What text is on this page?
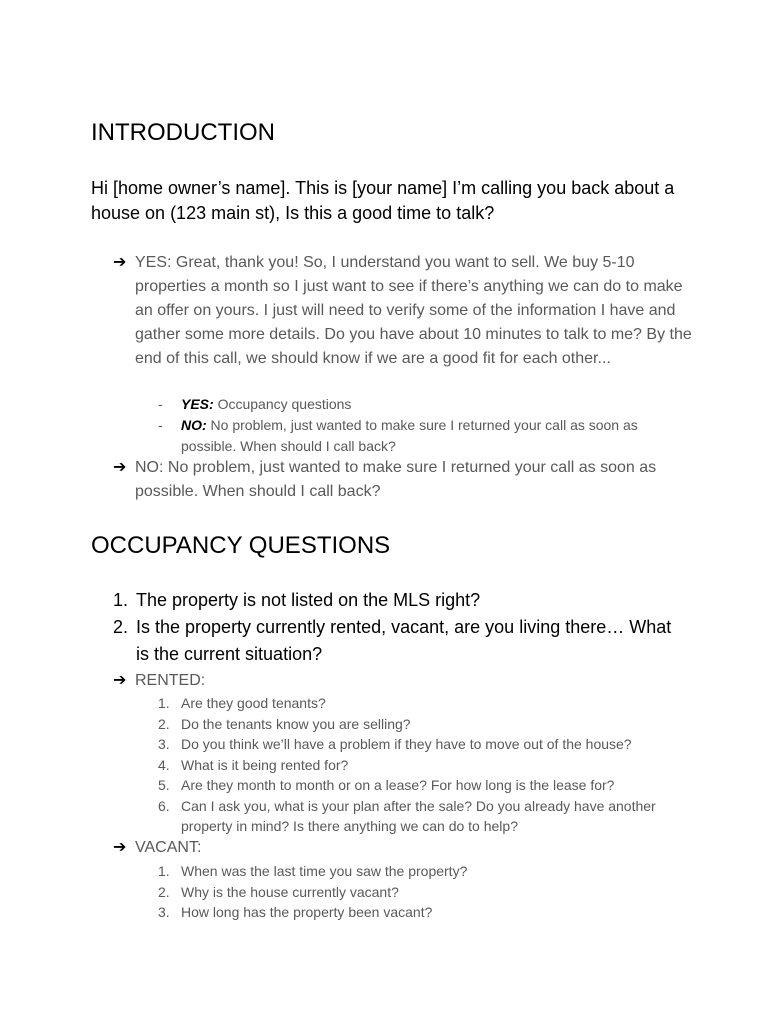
INTRODUCTION
Hi [home owner’s name]. This is [your name] I’m calling you back about a house on (123 main st), Is this a good time to talk?
➔ YES: Great, thank you! So, I understand you want to sell. We buy 5-10 properties a month so I just want to see if there’s anything we can do to make an offer on yours. I just will need to verify some of the information I have and gather some more details. Do you have about 10 minutes to talk to me? By the end of this call, we should know if we are a good fit for each other...
- YES: Occupancy questions
- NO: No problem, just wanted to make sure I returned your call as soon as possible. When should I call back?
➔ NO: No problem, just wanted to make sure I returned your call as soon as possible. When should I call back?
OCCUPANCY QUESTIONS
1. The property is not listed on the MLS right?
2. Is the property currently rented, vacant, are you living there… What is the current situation?
➔ RENTED:
1. Are they good tenants?
2. Do the tenants know you are selling?
3. Do you think we’ll have a problem if they have to move out of the house?
4. What is it being rented for?
5. Are they month to month or on a lease? For how long is the lease for?
6. Can I ask you, what is your plan after the sale? Do you already have another property in mind? Is there anything we can do to help?
➔ VACANT:
1. When was the last time you saw the property?
2. Why is the house currently vacant?
3. How long has the property been vacant?
